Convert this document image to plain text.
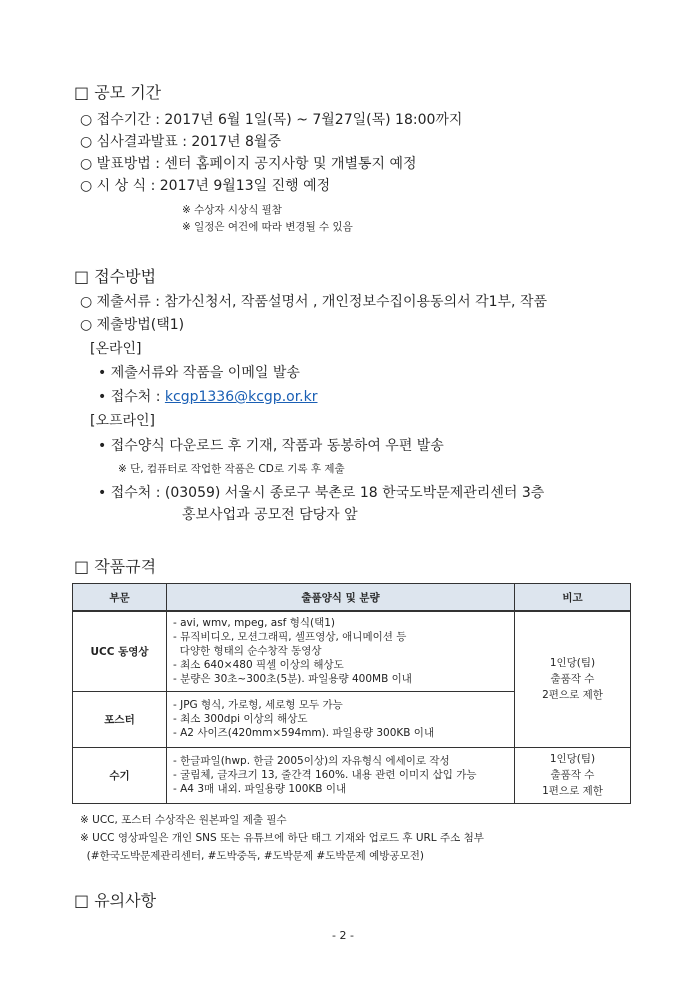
□ 공모 기간
○ 접수기간 : 2017년 6월 1일(목) ~ 7월27일(목) 18:00까지
○ 심사결과발표 : 2017년 8월중
○ 발표방법 : 센터 홈페이지 공지사항 및 개별통지 예정
○ 시 상 식 : 2017년 9월13일 진행 예정
※ 수상자 시상식 필참
※ 일정은 여건에 따라 변경될 수 있음
□ 접수방법
○ 제출서류 : 참가신청서, 작품설명서 , 개인정보수집이용동의서 각1부, 작품
○ 제출방법(택1)
[온라인]
• 제출서류와 작품을 이메일 발송
• 접수처 : kcgp1336@kcgp.or.kr
[오프라인]
• 접수양식 다운로드 후 기재, 작품과 동봉하여 우편 발송
※ 단, 컴퓨터로 작업한 작품은 CD로 기록 후 제출
• 접수처 : (03059) 서울시 종로구 북촌로 18 한국도박문제관리센터 3층
홍보사업과 공모전 담당자 앞
□ 작품규격
부문	출품양식 및 분량	비고
UCC 동영상	- avi, wmv, mpeg, asf 형식(택1)
- 뮤직비디오, 모션그래픽, 셀프영상, 애니메이션 등
다양한 형태의 순수창작 동영상
- 최소 640×480 픽셀 이상의 해상도
- 분량은 30초~300초(5분). 파일용량 400MB 이내	1인당(팀)
출품작 수
2편으로 제한

포스터	- JPG 형식, 가로형, 세로형 모두 가능
- 최소 300dpi 이상의 해상도
- A2 사이즈(420mm×594mm). 파일용량 300KB 이내	

수기	- 한글파일(hwp. 한글 2005이상)의 자유형식 에세이로 작성
- 굴림체, 글자크기 13, 줄간격 160%. 내용 관련 이미지 삽입 가능
- A4 3매 내외. 파일용량 100KB 이내	1인당(팀)
출품작 수
1편으로 제한
※ UCC, 포스터 수상작은 원본파일 제출 필수
※ UCC 영상파일은 개인 SNS 또는 유튜브에 하단 태그 기재와 업로드 후 URL 주소 첨부
(#한국도박문제관리센터, #도박중독, #도박문제 #도박문제 예방공모전)
□ 유의사항
- 2 -
